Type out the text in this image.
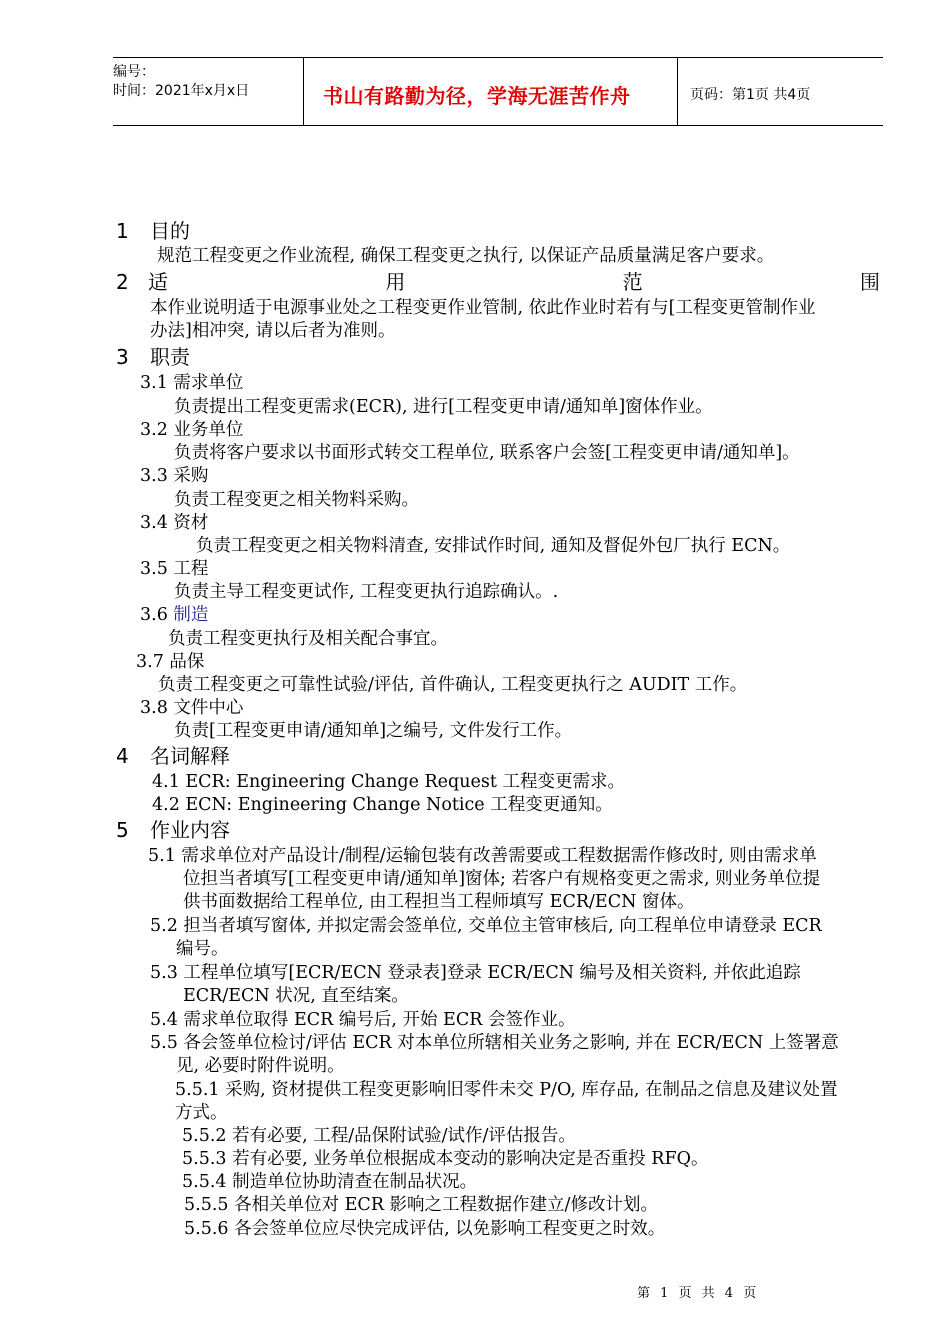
编号：
时间：2021年x月x日	书山有路勤为径，学海无涯苦作舟	页码：第1页 共4页
1 目的
规范工程变更之作业流程, 确保工程变更之执行, 以保证产品质量满足客户要求。
2 适	用	范	围
本作业说明适于电源事业处之工程变更作业管制, 依此作业时若有与[工程变更管制作业
办法]相冲突, 请以后者为准则。
3 职责
3.1 需求单位
负责提出工程变更需求(ECR), 进行[工程变更申请/通知单]窗体作业。
3.2 业务单位
负责将客户要求以书面形式转交工程单位, 联系客户会签[工程变更申请/通知单]。
3.3 采购
负责工程变更之相关物料采购。
3.4 资材
负责工程变更之相关物料清查, 安排试作时间, 通知及督促外包厂执行 ECN。
3.5 工程
负责主导工程变更试作, 工程变更执行追踪确认。.
3.6 制造
负责工程变更执行及相关配合事宜。
3.7 品保
负责工程变更之可靠性试验/评估, 首件确认, 工程变更执行之 AUDIT 工作。
3.8 文件中心
负责[工程变更申请/通知单]之编号, 文件发行工作。
4 名词解释
4.1 ECR: Engineering Change Request 工程变更需求。
4.2 ECN: Engineering Change Notice 工程变更通知。
5 作业内容
5.1 需求单位对产品设计/制程/运输包装有改善需要或工程数据需作修改时, 则由需求单
位担当者填写[工程变更申请/通知单]窗体; 若客户有规格变更之需求, 则业务单位提
供书面数据给工程单位, 由工程担当工程师填写 ECR/ECN 窗体。
5.2 担当者填写窗体, 并拟定需会签单位, 交单位主管审核后, 向工程单位申请登录 ECR
编号。
5.3 工程单位填写[ECR/ECN 登录表]登录 ECR/ECN 编号及相关资料, 并依此追踪
ECR/ECN 状况, 直至结案。
5.4 需求单位取得 ECR 编号后, 开始 ECR 会签作业。
5.5 各会签单位检讨/评估 ECR 对本单位所辖相关业务之影响, 并在 ECR/ECN 上签署意
见, 必要时附件说明。
5.5.1 采购, 资材提供工程变更影响旧零件未交 P/O, 库存品, 在制品之信息及建议处置
方式。
5.5.2 若有必要, 工程/品保附试验/试作/评估报告。
5.5.3 若有必要, 业务单位根据成本变动的影响决定是否重投 RFQ。
5.5.4 制造单位协助清查在制品状况。
5.5.5 各相关单位对 ECR 影响之工程数据作建立/修改计划。
5.5.6 各会签单位应尽快完成评估, 以免影响工程变更之时效。
第 1 页 共 4 页
